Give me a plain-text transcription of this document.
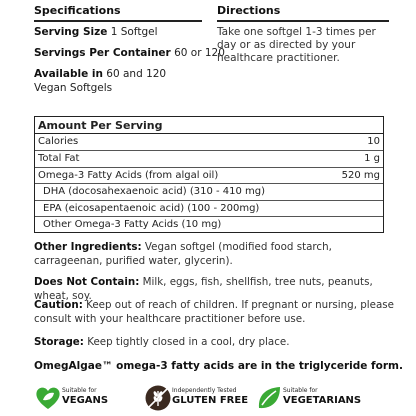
Specifications
Serving Size 1 Softgel
Servings Per Container 60 or 120
Available in 60 and 120
Vegan Softgels
Directions
Take one softgel 1-3 times per day or as directed by your healthcare practitioner.
Amount Per Serving
Calories	10
Total Fat	1 g
Omega-3 Fatty Acids (from algal oil)	520 mg
DHA (docosahexaenoic acid) (310 - 410 mg)
EPA (eicosapentaenoic acid) (100 - 200mg)
Other Omega-3 Fatty Acids (10 mg)
Other Ingredients: Vegan softgel (modified food starch, carrageenan, purified water, glycerin).
Does Not Contain: Milk, eggs, fish, shellfish, tree nuts, peanuts, wheat, soy.
Caution: Keep out of reach of children. If pregnant or nursing, please consult with your healthcare practitioner before use.
Storage: Keep tightly closed in a cool, dry place.
OmegAlgae™ omega-3 fatty acids are in the triglyceride form.
Suitable for
VEGANS
Independently Tested
GLUTEN FREE
Suitable for
VEGETARIANS
